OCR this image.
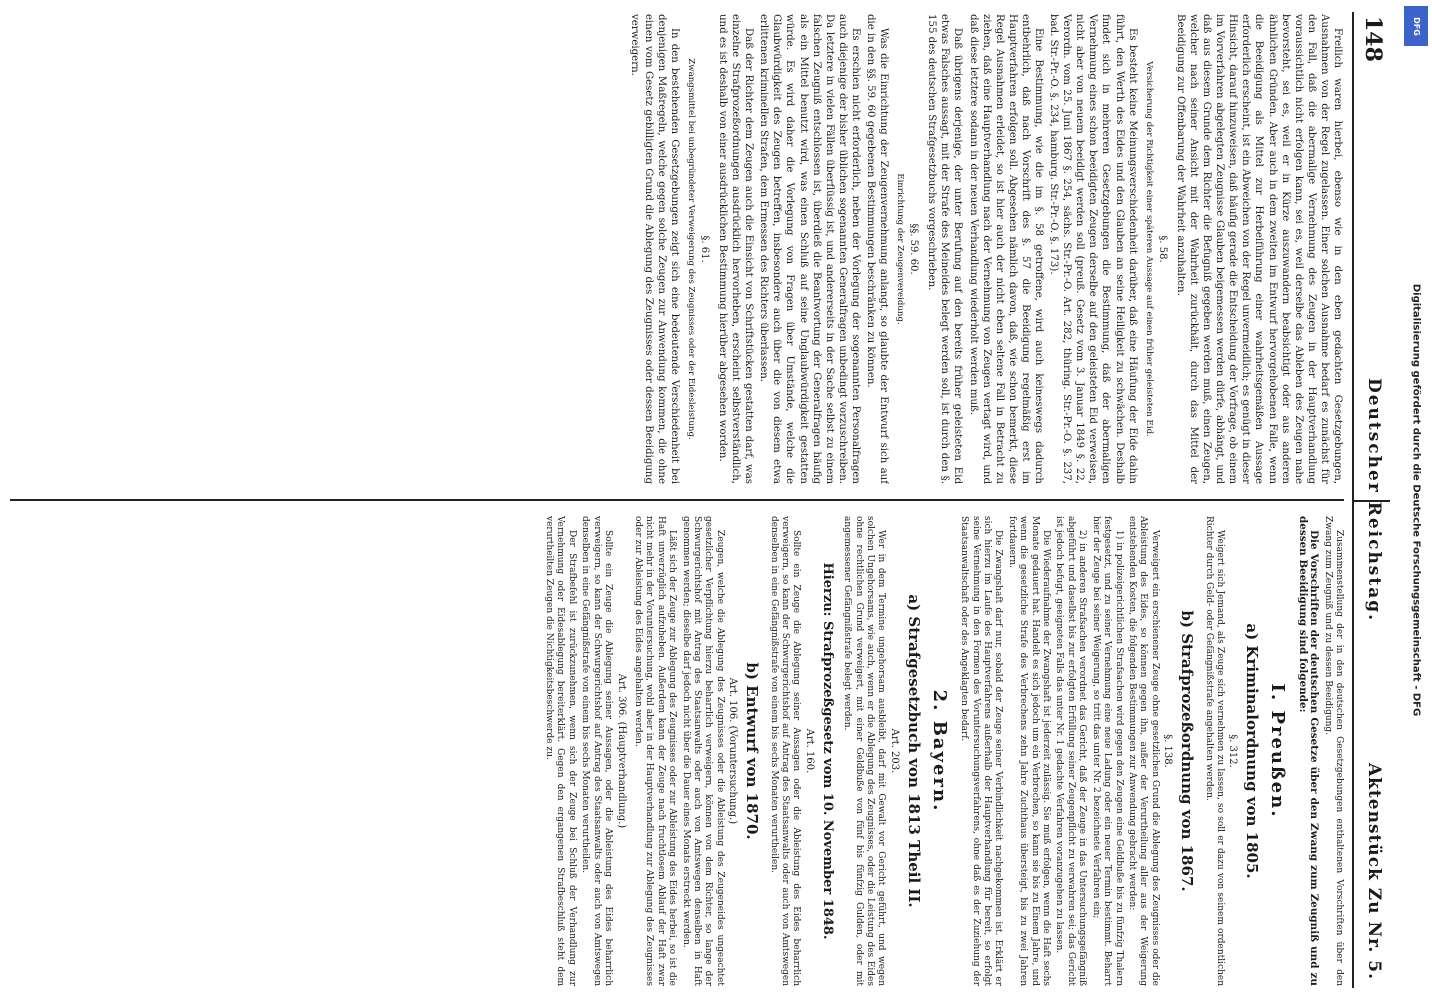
Digitalisierung gefördert durch die Deutsche Forschungsgemeinschaft - DFG
DFG
148
Deutscher Reichstag.
Aktenstück Zu Nr. 5.

Freilich waren hierbei, ebenso wie in den eben gedachten Gesetzgebungen, Ausnahmen von der Regel zugelassen. Einer solchen Ausnahme bedarf es zunächst für den Fall, daß die abermalige Vernehmung des Zeugen in der Hauptverhandlung voraussichtlich nicht erfolgen kann, sei es, weil derselbe das Ableben des Zeugen nahe bevorsteht, sei es, weil er in Kürze auszuwandern beabsichtigt oder aus anderen ähnlichen Gründen. Aber auch in dem zweiten im Entwurf hervorgehobenen Falle, wenn die Beeidigung als Mittel zur Herbeiführung einer wahrheitsgemäßen Aussage erforderlich erscheint, ist ein Abweichen von der Regel unvermeidlich; es genügt in dieser Hinsicht, darauf hinzuweisen, daß häufig gerade die Entscheidung der Vorfrage, ob einem im Vorverfahren abgelegten Zeugnisse Glauben beigemessen werden dürfe, abhängt, und daß aus diesem Grunde dem Richter die Befugniß gegeben werden muß, einen Zeugen, welcher nach seiner Ansicht mit der Wahrheit zurückhält, durch das Mittel der Beeidigung zur Offenbarung der Wahrheit anzuhalten.

§. 58.
Versicherung der Richtigkeit einer späteren Aussage auf einen früher geleisteten Eid.

Es besteht keine Meinungsverschiedenheit darüber, daß eine Häufung der Eide dahin führt, den Werth des Eides und den Glauben an seine Heiligkeit zu schwächen. Deshalb findet sich in mehreren Gesetzgebungen die Bestimmung, daß der abermaligen Vernehmung eines schon beeidigten Zeugen derselbe auf den geleisteten Eid verweisen, nicht aber von neuem beeidigt werden soll (preuß. Gesetz vom 3. Januar 1849 §. 22, Verordn. vom 25. Juni 1867 §. 254, sächs. Str.-Pr.-O. Art. 282, thüring. Str.-Pr.-O. §. 237, bad. Str.-Pr.-O. §. 234, hamburg. Str.-Pr.-O. §. 173).

Eine Bestimmung, wie die im §. 58 getroffene, wird auch keineswegs dadurch entbehrlich, daß nach Vorschrift des §. 57 die Beeidigung regelmäßig erst im Hauptverfahren erfolgen soll. Abgesehen nämlich davon, daß, wie schon bemerkt, diese Regel Ausnahmen erleidet, so ist hier auch der nicht eben seltene Fall in Betracht zu ziehen, daß eine Hauptverhandlung nach der Vernehmung von Zeugen vertagt wird, und daß diese letztere sodann in der neuen Verhandlung wiederholt werden muß.

Daß übrigens derjenige, der unter Berufung auf den bereits früher geleisteten Eid etwas Falsches aussagt, mit der Strafe des Meineides belegt werden soll, ist durch den §. 155 des deutschen Strafgesetzbuchs vorgeschrieben.

§§. 59. 60.
Einrichtung der Zeugenvereidung.

Was die Einrichtung der Zeugenvernehmung anlangt, so glaubte der Entwurf sich auf die in den §§. 59. 60 gegebenen Bestimmungen beschränken zu können.

Es erschien nicht erforderlich, neben der Vorlegung der sogenannten Personalfragen auch diejenige der bisher üblichen sogenannten Generalfragen unbedingt vorzuschreiben. Da letztere in vielen Fällen überflüssig ist, und andererseits in der Sache selbst zu einem falschen Zeugniß entschlossen ist, überdieß die Beantwortung der Generalfragen häufig als ein Mittel benutzt wird, was einen Schluß auf seine Unglaubwürdigkeit gestatten würde. Es wird daher die Vorlegung von Fragen über Umstände, welche die Glaubwürdigkeit des Zeugen betreffen, insbesondere auch über die von diesem etwa erlittenen kriminellen Strafen, dem Ermessen des Richters überlassen.

Daß der Richter dem Zeugen auch die Einsicht von Schriftstücken gestatten darf, was einzelne Strafprozeßordnungen ausdrücklich hervorheben, erscheint selbstverständlich, und es ist deshalb von einer ausdrücklichen Bestimmung hierüber abgesehen worden.

§. 61.
Zwangsmittel bei unbegründeter Verweigerung des Zeugnisses oder der Eidesleistung.

In den bestehenden Gesetzgebungen zeigt sich eine bedeutende Verschiedenheit bei denjenigen Maßregeln, welche gegen solche Zeugen zur Anwendung kommen, die ohne einen vom Gesetz gebilligten Grund die Ablegung des Zeugnisses oder dessen Beeidigung verweigern.

Zusammenstellung der in den deutschen Gesetzgebungen enthaltenen Vorschriften über den Zwang zum Zeugniß und zu dessen Beeidigung.

Die Vorschriften der deutschen Gesetze über den Zwang zum Zeugniß und zu dessen Beeidigung sind folgende:

I. Preußen.
a) Kriminalordnung von 1805.
§. 312.

Weigert sich Jemand, als Zeuge sich vernehmen zu lassen, so soll er dazu von seinem ordentlichen Richter durch Geld- oder Gefängnißstrafe angehalten werden.

b) Strafprozeßordnung von 1867.
§. 138.

Verweigert ein erschienener Zeuge ohne gesetzlichen Grund die Ablegung des Zeugnisses oder die Ableistung des Eides, so können gegen ihn, außer der Verurtheilung aller aus der Weigerung entstehenden Kosten, die folgenden Bestimmungen zur Anwendung gebracht werden:

1) in polizeigerichtlichen Strafsachen wird gegen den Zeugen eine Geldbuße bis zu fünfzig Thalern festgesetzt, und zu seiner Vernehmung eine neue Ladung oder ein neuer Termin bestimmt. Beharrt hier der Zeuge bei seiner Weigerung, so tritt das unter Nr. 2 bezeichnete Verfahren ein;

2) in anderen Strafsachen verordnet das Gericht, daß der Zeuge in das Untersuchungsgefängniß abgeführt und daselbst bis zur erfolgten Erfüllung seiner Zeugenpflicht zu verwahren sei; das Gericht ist jedoch befugt, geeigneten Falls das unter Nr. 1 gedachte Verfahren voranzugehen zu lassen.

Die Wiederaufnahme der Zwangshaft ist jederzeit zulässig. Sie muß erfolgen, wenn die Haft sechs Monate gedauert hat. Handelt es sich jedoch um ein Verbrechen, so kann sie bis zu Einem Jahre, und wenn die gesetzliche Strafe des Verbrechens zehn Jahre Zuchthaus übersteigt, bis zu zwei Jahren fortdauern.

Die Zwangshaft darf nur, sobald der Zeuge seiner Verbindlichkeit nachgekommen ist. Erklärt er sich hierzu im Laufe des Hauptverfahrens außerhalb der Hauptverhandlung für bereit, so erfolgt seine Vernehmung in den Formen des Voruntersuchungsverfahrens, ohne daß es der Zuziehung der Staatsanwaltschaft oder des Angeklagten bedarf.

2. Bayern.
a) Strafgesetzbuch von 1813 Theil II.
Art. 203.

Wer in dem Termine ungehorsam ausbleibt, darf mit Gewalt vor Gericht geführt, und wegen solchen Ungehorsams, wie auch, wenn er die Ablegung des Zeugnisses, oder die Leistung des Eides ohne rechtlichen Grund verweigert, mit einer Geldbuße von fünf bis fünfzig Gulden, oder mit angemessener Gefängnißstrafe belegt werden.

Hierzu: Strafprozeßgesetz vom 10. November 1848.
Art. 160.

Sollte ein Zeuge die Ablegung seiner Aussagen oder die Ableistung des Eides beharrlich verweigern, so kann der Schwurgerichtshof auf Antrag des Staatsanwalts oder auch von Amtswegen denselben in eine Gefängnißstrafe von einem bis sechs Monaten verurtheilen.

b) Entwurf von 1870.
Art. 106. (Voruntersuchung.)

Zeugen, welche die Ablegung des Zeugnisses oder die Ableistung des Zeugeneides ungeachtet gesetzlicher Verpflichtung hierzu beharrlich verweigern, können von dem Richter, so lange der Schwurgerichtshof mit Antrag des Staatsanwalts oder auch von Amtswegen denselben in Haft genommen werden; dieselbe darf jedoch nicht über die Dauer eines Monats erstreckt werden.

Läßt sich der Zeuge zur Ablegung des Zeugnisses oder zur Ableistung des Eides herbei, so ist die Haft unverzüglich aufzuheben. Außerdem kann der Zeuge nach fruchtlosem Ablauf der Haft zwar nicht mehr in der Voruntersuchung, wohl aber in der Hauptverhandlung zur Ablegung des Zeugnisses oder zur Ableistung des Eides angehalten werden.

Art. 306. (Hauptverhandlung.)

Sollte ein Zeuge die Ablegung seiner Aussagen, oder die Ableistung des Eides beharrlich verweigern, so kann der Schwurgerichtshof auf Antrag des Staatsanwalts oder auch von Amtswegen denselben in eine Gefängnißstrafe von einem bis sechs Monaten verurtheilen.

Der Strafbefehl ist zurückzunehmen, wenn sich der Zeuge bei Schluß der Verhandlung zur Vernehmung oder Eidesablegung bereiterklärt. Gegen den ergangenen Strafbeschluß steht dem verurtheilten Zeugen die Nichtigkeitsbeschwerde zu.
